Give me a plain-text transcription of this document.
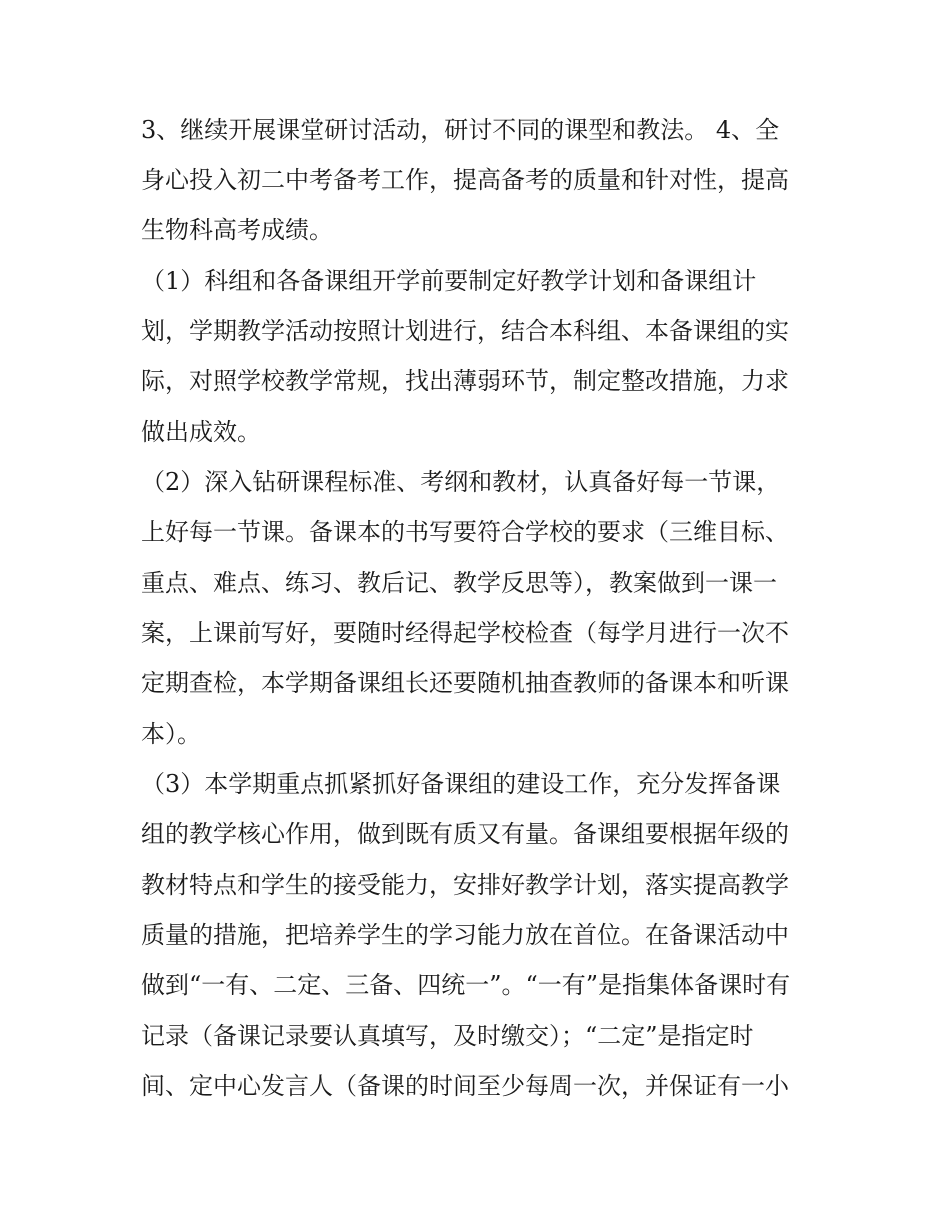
3、继续开展课堂研讨活动，研讨不同的课型和教法。 4、全
身心投入初二中考备考工作，提高备考的质量和针对性，提高
生物科高考成绩。
（1）科组和各备课组开学前要制定好教学计划和备课组计
划，学期教学活动按照计划进行，结合本科组、本备课组的实
际，对照学校教学常规，找出薄弱环节，制定整改措施，力求
做出成效。
（2）深入钻研课程标准、考纲和教材，认真备好每一节课，
上好每一节课。备课本的书写要符合学校的要求（三维目标、
重点、难点、练习、教后记、教学反思等），教案做到一课一
案，上课前写好，要随时经得起学校检查（每学月进行一次不
定期查检，本学期备课组长还要随机抽查教师的备课本和听课
本）。
（3）本学期重点抓紧抓好备课组的建设工作，充分发挥备课
组的教学核心作用，做到既有质又有量。备课组要根据年级的
教材特点和学生的接受能力，安排好教学计划，落实提高教学
质量的措施，把培养学生的学习能力放在首位。在备课活动中
做到“一有、二定、三备、四统一”。“一有”是指集体备课时有
记录（备课记录要认真填写，及时缴交）；“二定”是指定时
间、定中心发言人（备课的时间至少每周一次，并保证有一小
